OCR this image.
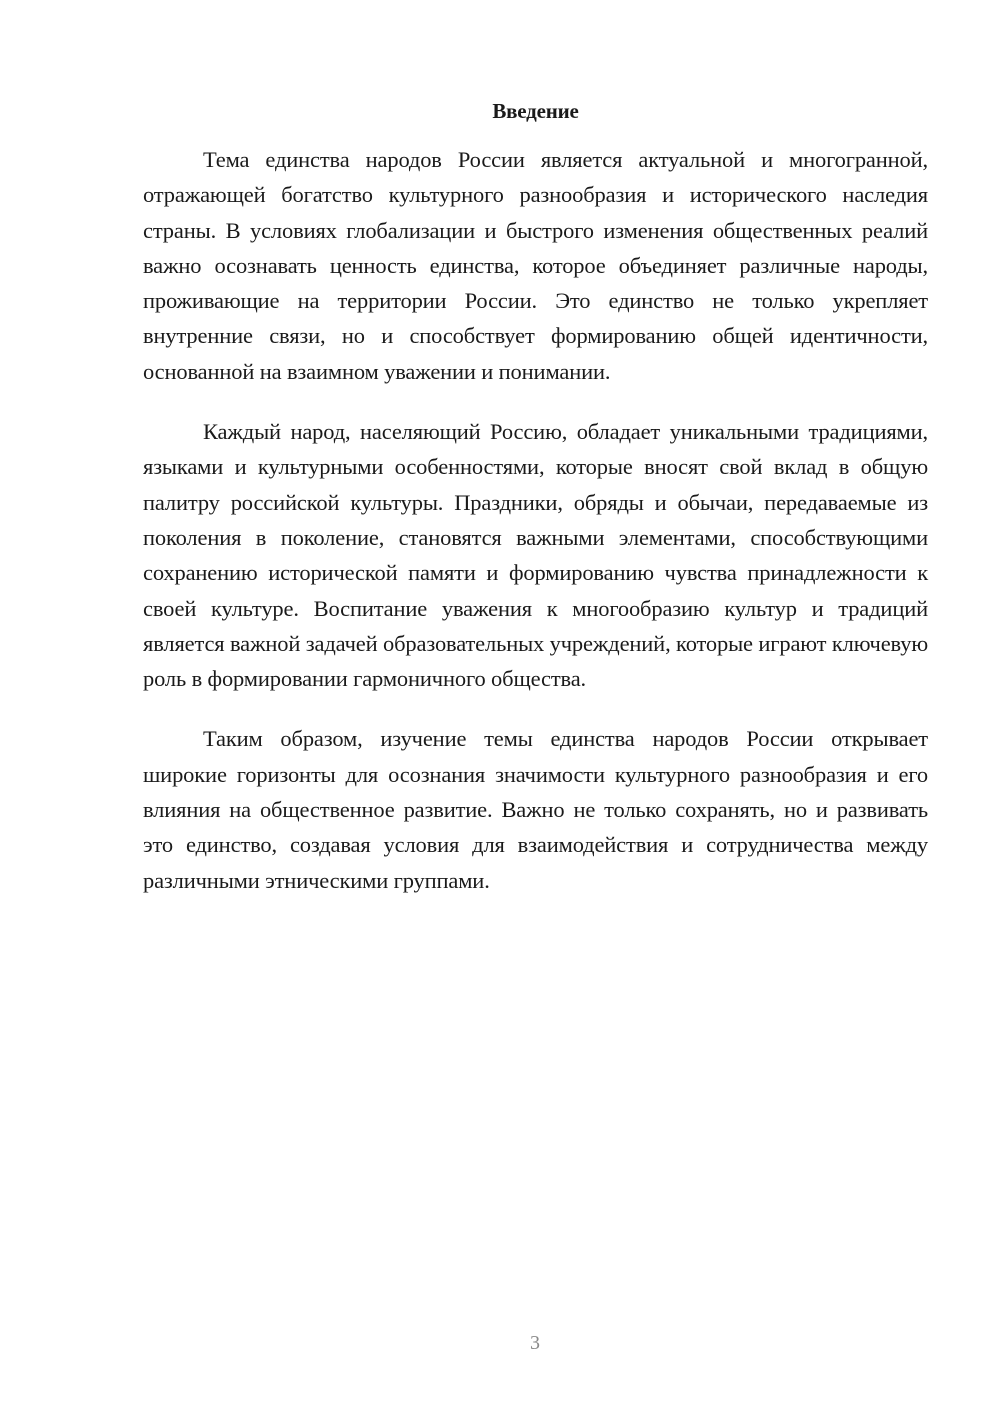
Введение

Тема единства народов России является актуальной и многогранной, отражающей богатство культурного разнообразия и исторического наследия страны. В условиях глобализации и быстрого изменения общественных реалий важно осознавать ценность единства, которое объединяет различные народы, проживающие на территории России. Это единство не только укрепляет внутренние связи, но и способствует формированию общей идентичности, основанной на взаимном уважении и понимании.

Каждый народ, населяющий Россию, обладает уникальными традициями, языками и культурными особенностями, которые вносят свой вклад в общую палитру российской культуры. Праздники, обряды и обычаи, передаваемые из поколения в поколение, становятся важными элементами, способствующими сохранению исторической памяти и формированию чувства принадлежности к своей культуре. Воспитание уважения к многообразию культур и традиций является важной задачей образовательных учреждений, которые играют ключевую роль в формировании гармоничного общества.

Таким образом, изучение темы единства народов России открывает широкие горизонты для осознания значимости культурного разнообразия и его влияния на общественное развитие. Важно не только сохранять, но и развивать это единство, создавая условия для взаимодействия и сотрудничества между различными этническими группами.

3
